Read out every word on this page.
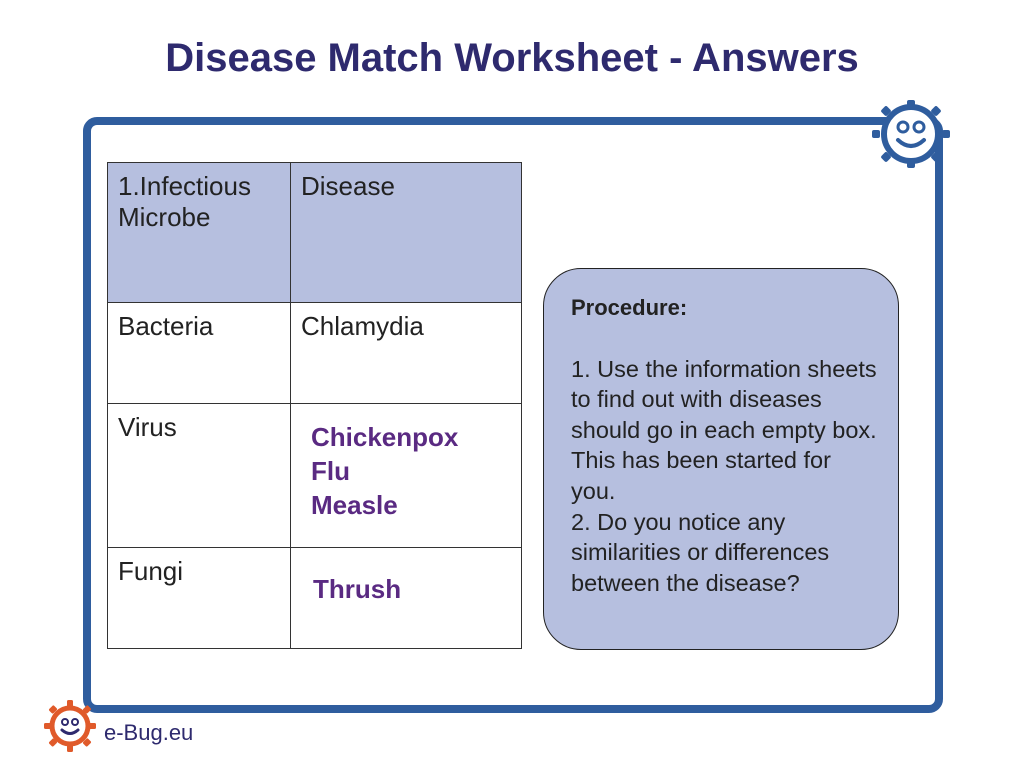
Disease Match Worksheet - Answers
1.Infectious Microbe	Disease
Bacteria	Chlamydia
Virus	Chickenpox
Flu
Measle

Fungi	Thrush
Procedure:
1. Use the information sheets to find out with diseases should go in each empty box. This has been started for you.
2. Do you notice any similarities or differences between the disease?
e-Bug.eu
